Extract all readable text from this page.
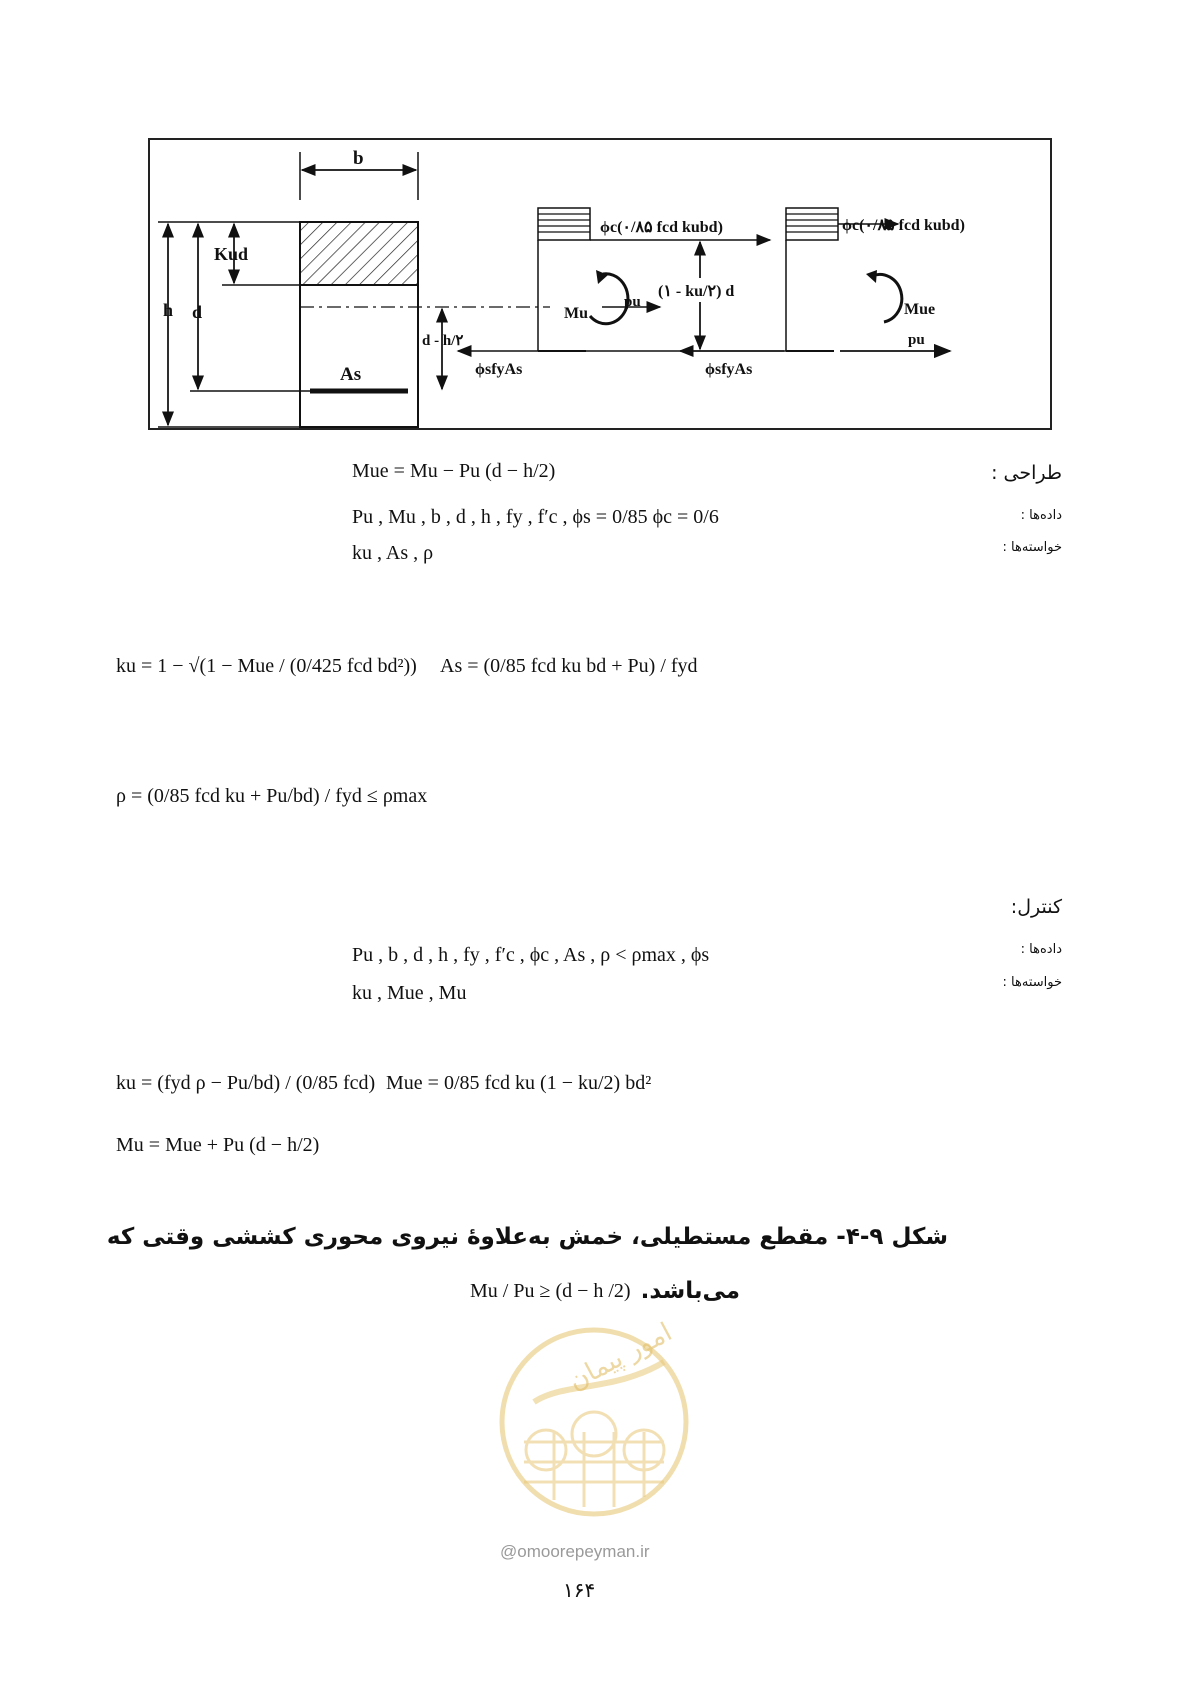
b
As
h d
Kud
d - h/۲
ϕc(۰/۸۵ fcd kubd)
ϕsfyAs
Mu
pu
(۱ - ku/۲) d
ϕsfyAs
ϕc(۰/۸۵ fcd kubd)
Mue
pu
طراحی :
داده‌ها :
خواسته‌ها :
Mue = Mu − Pu (d − h/2)
Pu , Mu , b , d , h , fy , f′c , ϕs = 0/85 ϕc = 0/6
ku , As , ρ
ku = 1 − √(1 − Mue / (0/425 fcd bd²)) As = (0/85 fcd ku bd + Pu) / fyd
ρ = (0/85 fcd ku + Pu/bd) / fyd ≤ ρmax
کنترل:
داده‌ها :
خواسته‌ها :
Pu , b , d , h , fy , f′c , ϕc , As , ρ < ρmax , ϕs
ku , Mue , Mu
ku = (fyd ρ − Pu/bd) / (0/85 fcd) Mue = 0/85 fcd ku (1 − ku/2) bd²
Mu = Mue + Pu (d − h/2)
شکل ۹-۴- مقطع مستطیلی، خمش به‌علاوهٔ نیروی محوری کششی وقتی که
می‌باشد.
Mu / Pu ≥ (d − h /2)
امور پیمان
@omoorepeyman.ir
۱۶۴
